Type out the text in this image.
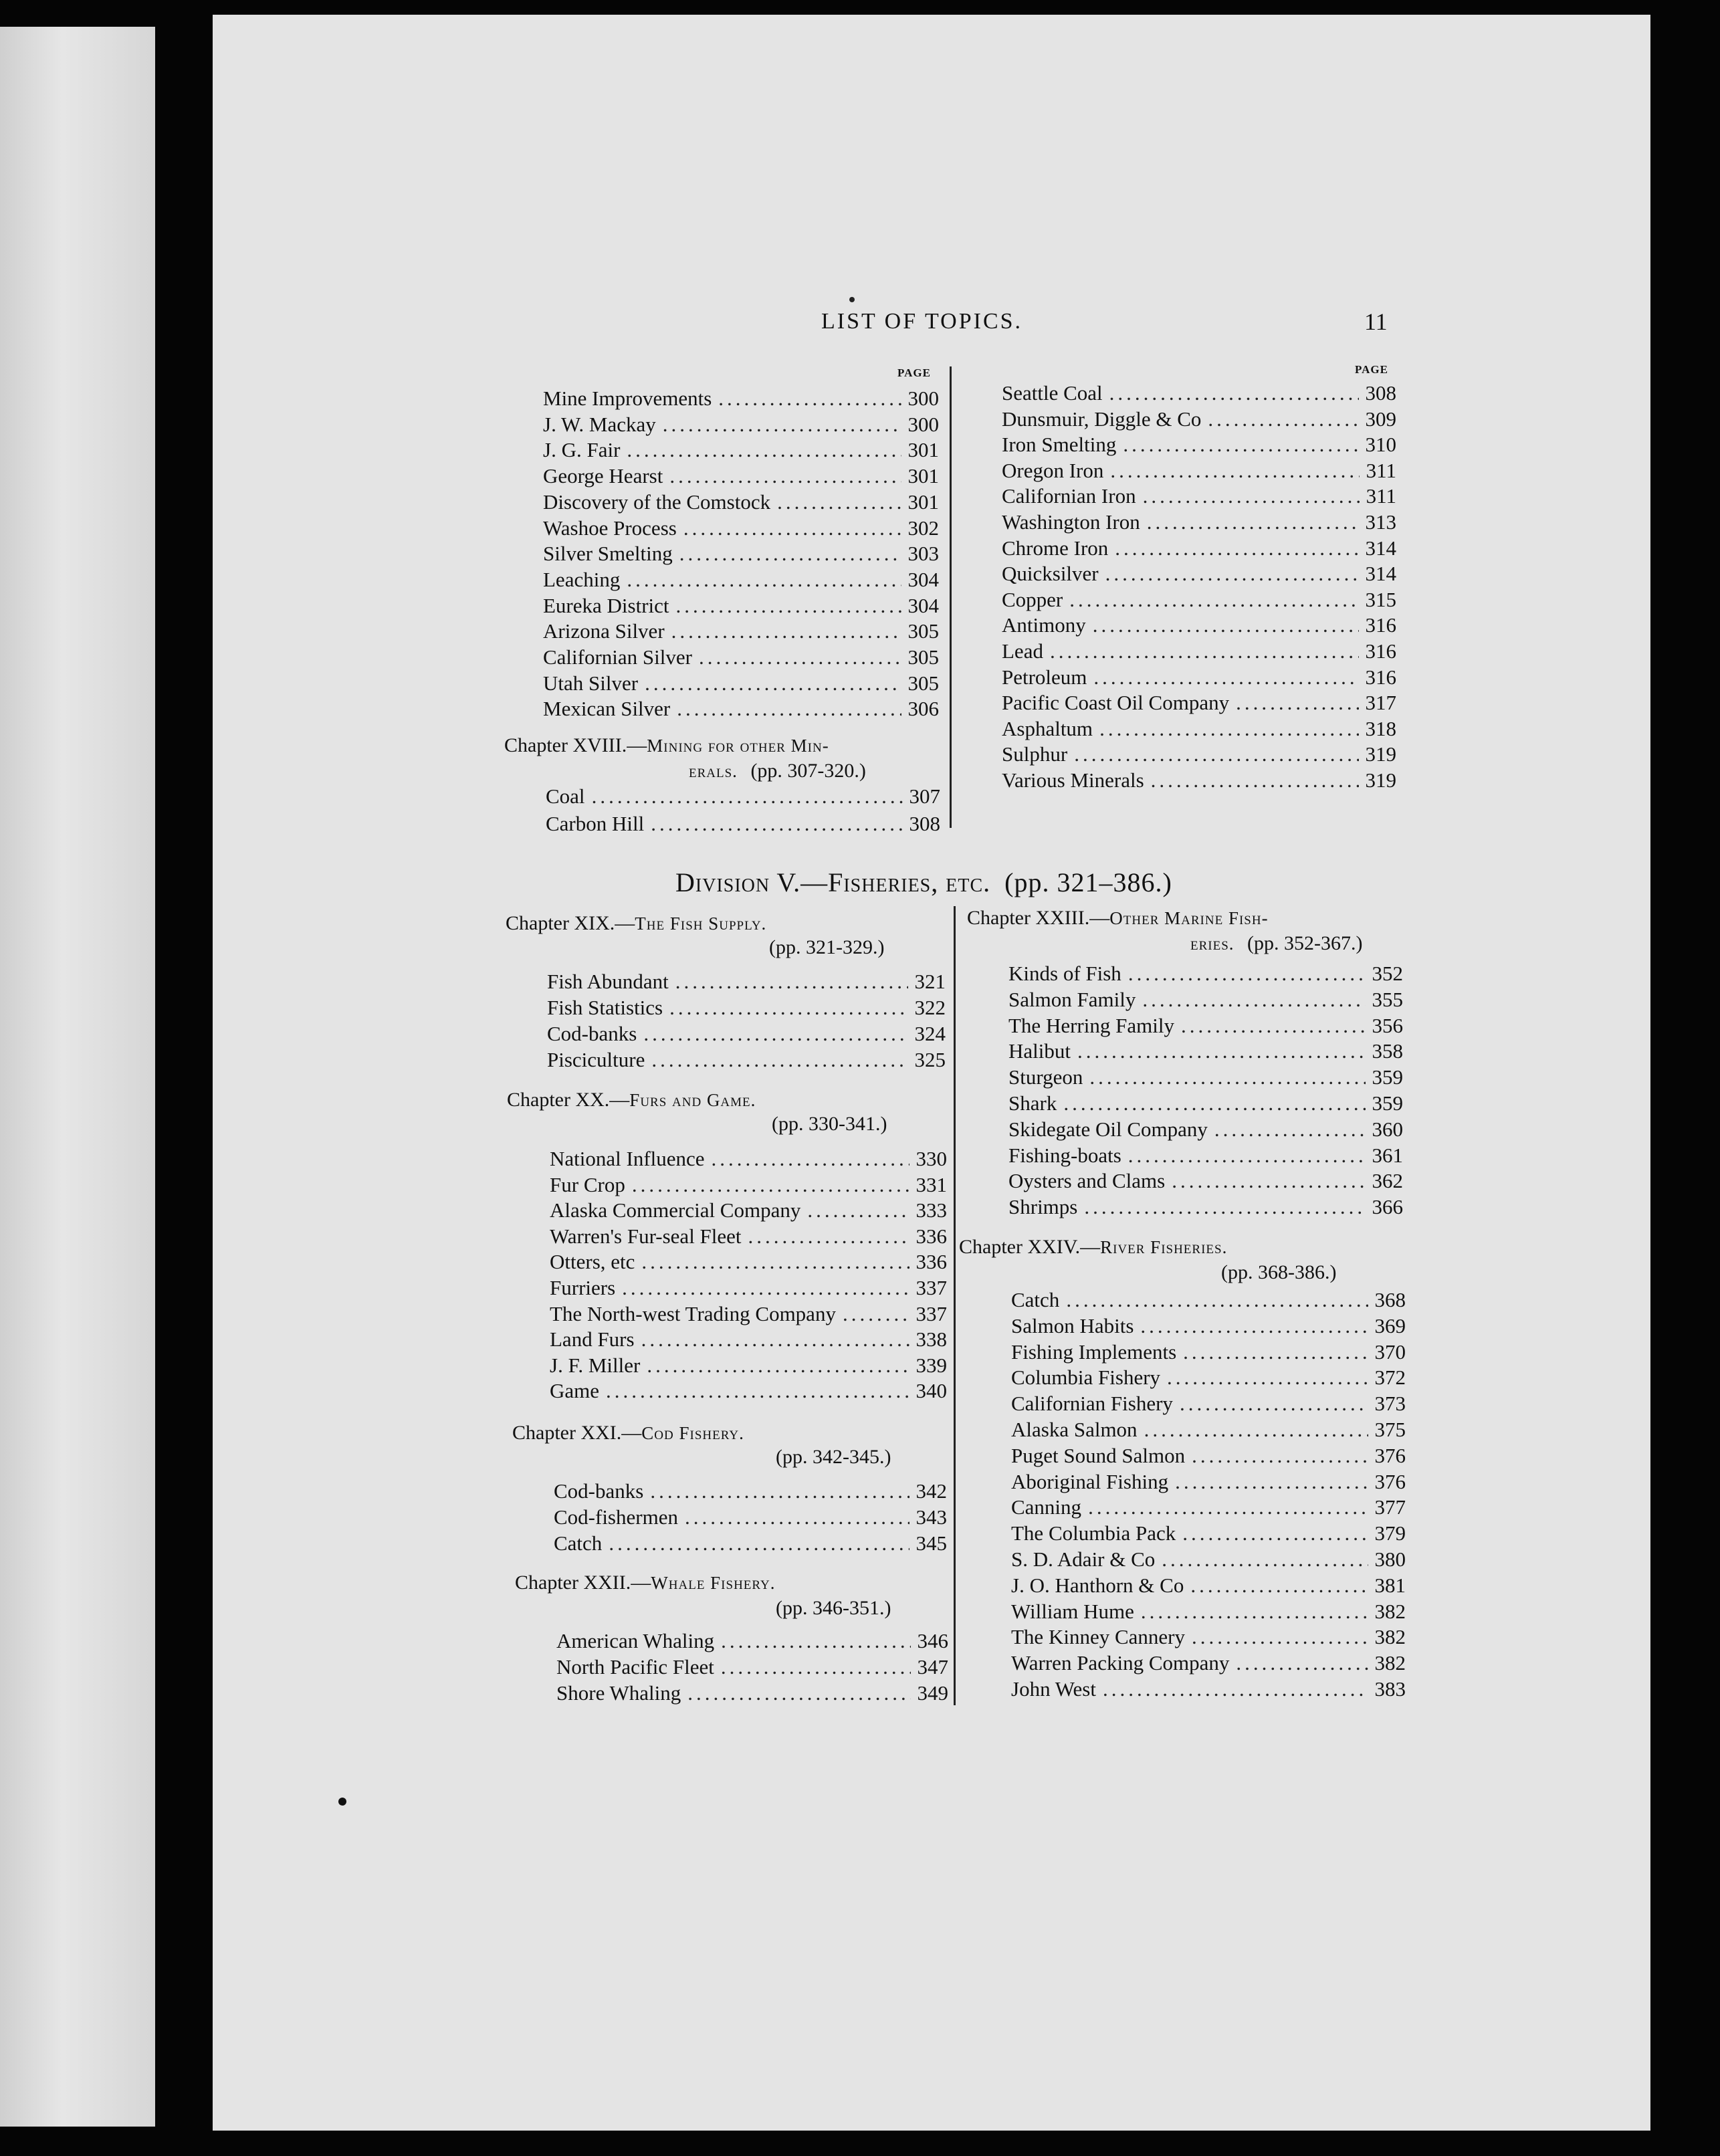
LIST OF TOPICS.	11
PAGE	PAGE
Mine Improvements .....	300
J. W. Mackay .....	300
J. G. Fair .....	301
George Hearst .....	301
Discovery of the Comstock .....	301
Washoe Process .....	302
Silver Smelting .....	303
Leaching .....	304
Eureka District .....	304
Arizona Silver .....	305
Californian Silver .....	305
Utah Silver .....	305
Mexican Silver .....	306
Chapter XVIII.—Mining for other Min-
erals. (pp. 307-320.)
Coal .....	307
Carbon Hill .....	308
Seattle Coal .....	308
Dunsmuir, Diggle & Co .....	309
Iron Smelting .....	310
Oregon Iron .....	311
Californian Iron .....	311
Washington Iron .....	313
Chrome Iron .....	314
Quicksilver .....	314
Copper .....	315
Antimony .....	316
Lead .....	316
Petroleum .....	316
Pacific Coast Oil Company .....	317
Asphaltum .....	318
Sulphur .....	319
Various Minerals .....	319
Division V.—Fisheries, etc. (pp. 321–386.)
Chapter XIX.—The Fish Supply.
(pp. 321-329.)
Fish Abundant .....	321
Fish Statistics .....	322
Cod-banks .....	324
Pisciculture .....	325
Chapter XX.—Furs and Game.
(pp. 330-341.)
National Influence .....	330
Fur Crop .....	331
Alaska Commercial Company .....	333
Warren's Fur-seal Fleet .....	336
Otters, etc .....	336
Furriers .....	337
The North-west Trading Company .....	337
Land Furs .....	338
J. F. Miller .....	339
Game .....	340
Chapter XXI.—Cod Fishery.
(pp. 342-345.)
Cod-banks .....	342
Cod-fishermen .....	343
Catch .....	345
Chapter XXII.—Whale Fishery.
(pp. 346-351.)
American Whaling .....	346
North Pacific Fleet .....	347
Shore Whaling .....	349
Chapter XXIII.—Other Marine Fish-
eries. (pp. 352-367.)
Kinds of Fish .....	352
Salmon Family .....	355
The Herring Family .....	356
Halibut .....	358
Sturgeon .....	359
Shark .....	359
Skidegate Oil Company .....	360
Fishing-boats .....	361
Oysters and Clams .....	362
Shrimps .....	366
Chapter XXIV.—River Fisheries.
(pp. 368-386.)
Catch .....	368
Salmon Habits .....	369
Fishing Implements .....	370
Columbia Fishery .....	372
Californian Fishery .....	373
Alaska Salmon .....	375
Puget Sound Salmon .....	376
Aboriginal Fishing .....	376
Canning .....	377
The Columbia Pack .....	379
S. D. Adair & Co .....	380
J. O. Hanthorn & Co .....	381
William Hume .....	382
The Kinney Cannery .....	382
Warren Packing Company .....	382
John West .....	383
